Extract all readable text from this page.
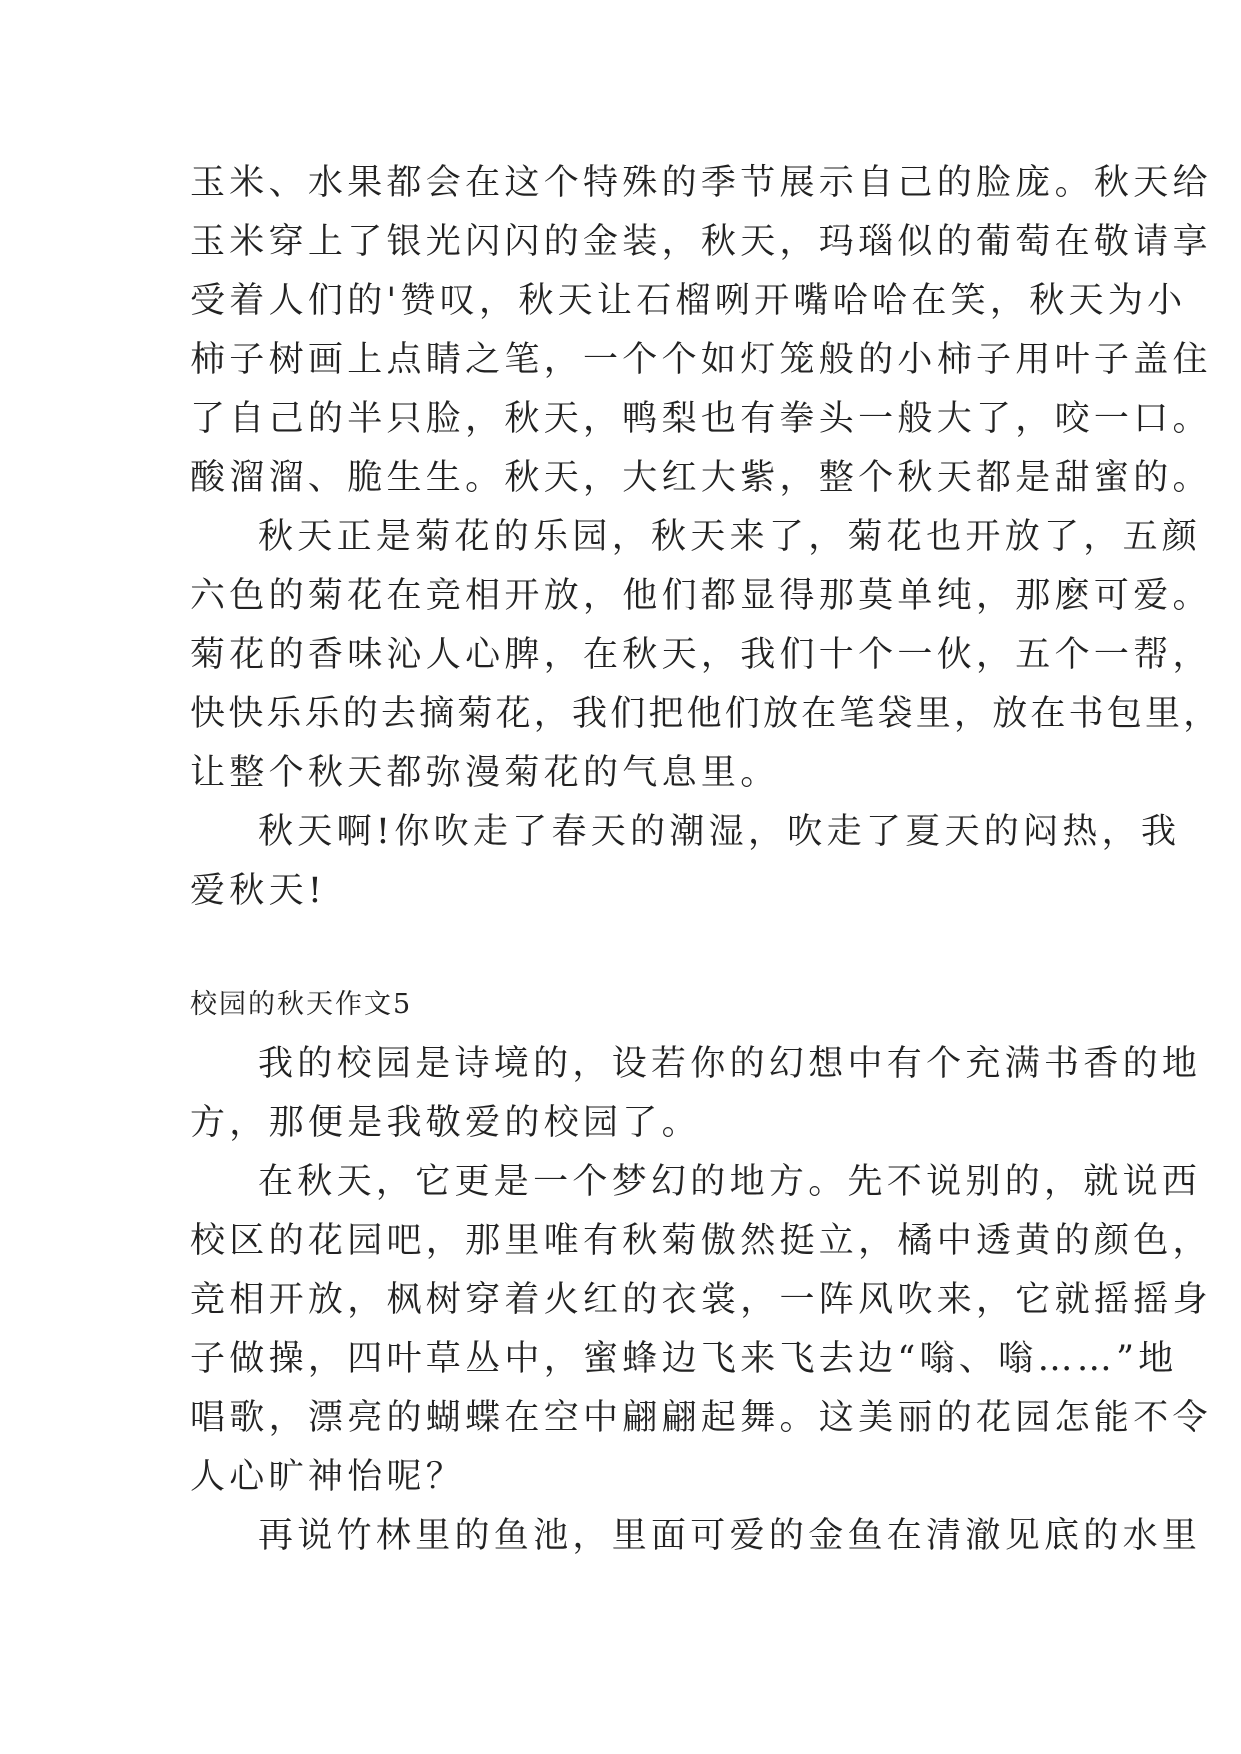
玉米、水果都会在这个特殊的季节展示自己的脸庞。秋天给
玉米穿上了银光闪闪的金装，秋天，玛瑙似的葡萄在敬请享
受着人们的'赞叹，秋天让石榴咧开嘴哈哈在笑，秋天为小
柿子树画上点睛之笔，一个个如灯笼般的小柿子用叶子盖住
了自己的半只脸，秋天，鸭梨也有拳头一般大了，咬一口。
酸溜溜、脆生生。秋天，大红大紫，整个秋天都是甜蜜的。
秋天正是菊花的乐园，秋天来了，菊花也开放了，五颜
六色的菊花在竞相开放，他们都显得那莫单纯，那麽可爱。
菊花的香味沁人心脾，在秋天，我们十个一伙，五个一帮，
快快乐乐的去摘菊花，我们把他们放在笔袋里，放在书包里，
让整个秋天都弥漫菊花的气息里。
秋天啊!你吹走了春天的潮湿，吹走了夏天的闷热，我
爱秋天!
校园的秋天作文5
我的校园是诗境的，设若你的幻想中有个充满书香的地
方，那便是我敬爱的校园了。
在秋天，它更是一个梦幻的地方。先不说别的，就说西
校区的花园吧，那里唯有秋菊傲然挺立，橘中透黄的颜色，
竞相开放，枫树穿着火红的衣裳，一阵风吹来，它就摇摇身
子做操，四叶草丛中，蜜蜂边飞来飞去边“嗡、嗡……”地
唱歌，漂亮的蝴蝶在空中翩翩起舞。这美丽的花园怎能不令
人心旷神怡呢？
再说竹林里的鱼池，里面可爱的金鱼在清澈见底的水里
